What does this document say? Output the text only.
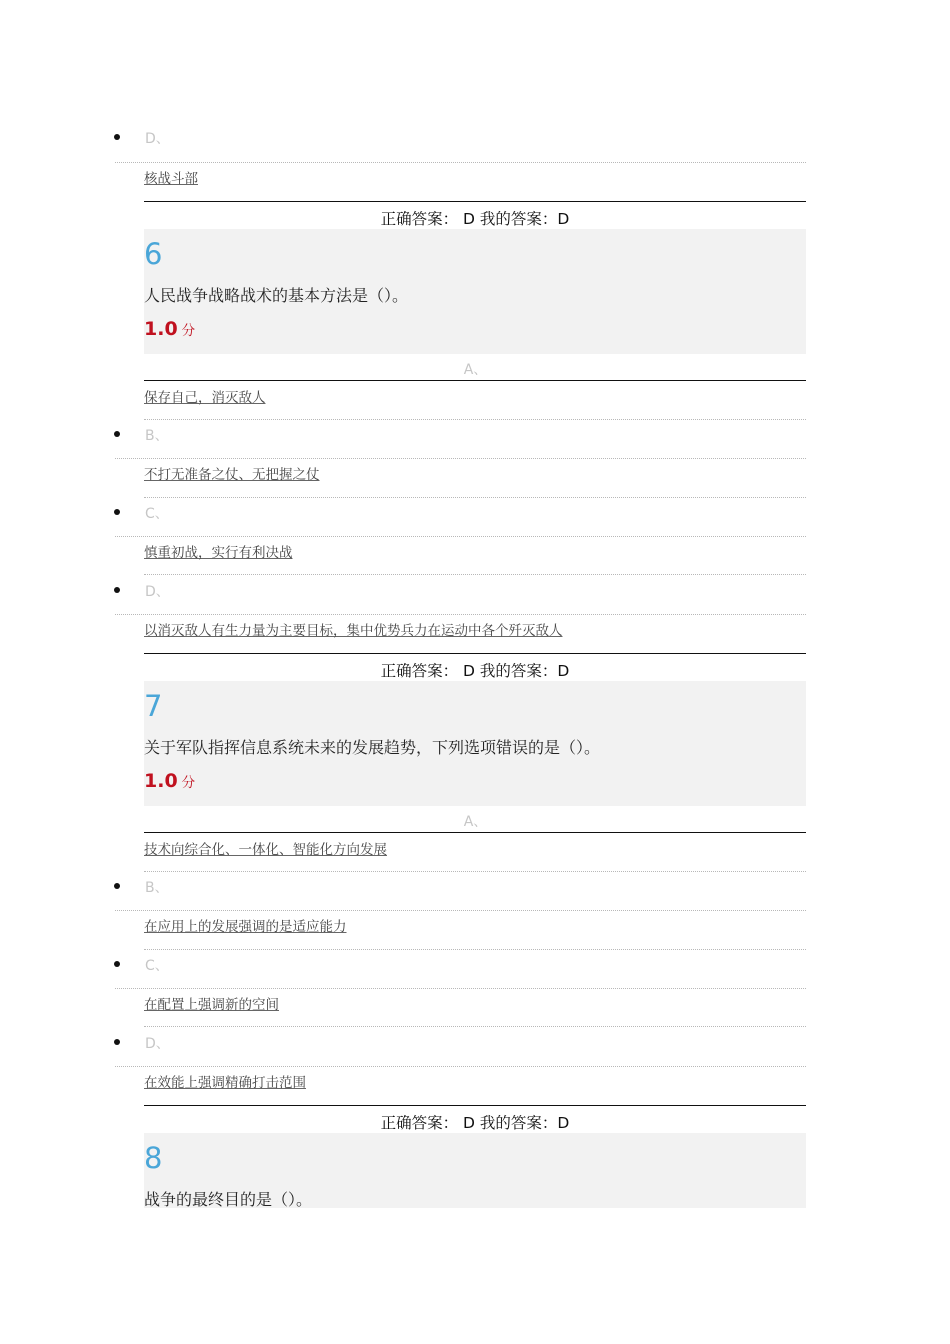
D、
核战斗部
正确答案： D 我的答案：D
6
人民战争战略战术的基本方法是（）。
1.0 分
A、
保存自己，消灭敌人
B、
不打无准备之仗、无把握之仗
C、
慎重初战，实行有利决战
D、
以消灭敌人有生力量为主要目标，集中优势兵力在运动中各个歼灭敌人
正确答案： D 我的答案：D
7
关于军队指挥信息系统未来的发展趋势，下列选项错误的是（）。
1.0 分
A、
技术向综合化、一体化、智能化方向发展
B、
在应用上的发展强调的是适应能力
C、
在配置上强调新的空间
D、
在效能上强调精确打击范围
正确答案： D 我的答案：D
8
战争的最终目的是（）。
